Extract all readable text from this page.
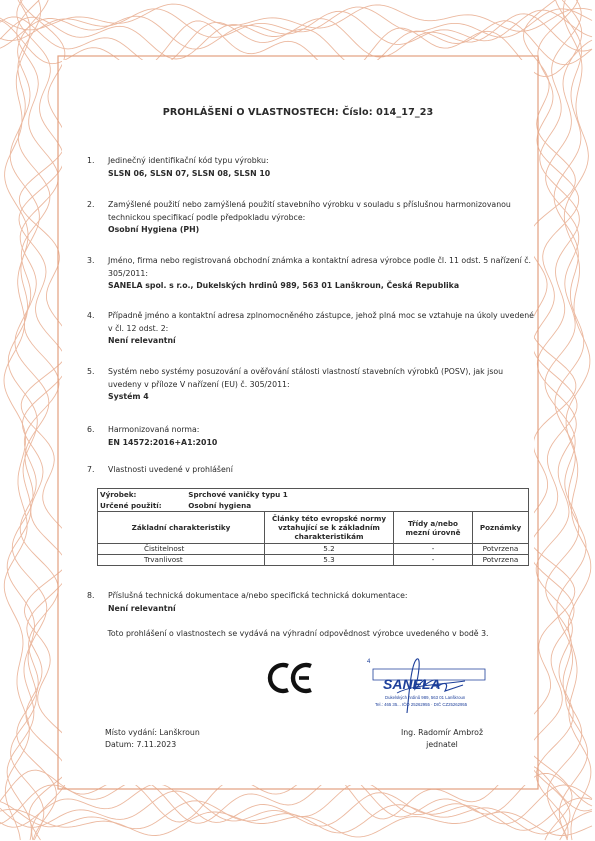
PROHLÁŠENÍ O VLASTNOSTECH: Číslo: 014_17_23
1.	Jedinečný identifikační kód typu výrobku:
SLSN 06, SLSN 07, SLSN 08, SLSN 10
2.	Zamýšlené použití nebo zamýšlená použití stavebního výrobku v souladu s příslušnou harmonizovanou technickou specifikací podle předpokladu výrobce:
Osobní Hygiena (PH)
3.	Jméno, firma nebo registrovaná obchodní známka a kontaktní adresa výrobce podle čl. 11 odst. 5 nařízení č. 305/2011:
SANELA spol. s r.o., Dukelských hrdinů 989, 563 01 Lanškroun, Česká Republika
4.	Případně jméno a kontaktní adresa zplnomocněného zástupce, jehož plná moc se vztahuje na úkoly uvedené v čl. 12 odst. 2:
Není relevantní
5.	Systém nebo systémy posuzování a ověřování stálosti vlastností stavebních výrobků (POSV), jak jsou uvedeny v příloze V nařízení (EU) č. 305/2011:
Systém 4
6.	Harmonizovaná norma:
EN 14572:2016+A1:2010
7.	Vlastnosti uvedené v prohlášení
Výrobek: Sprchové vaničky typu 1			
Určené použití: Osobní hygiena			
Základní charakteristiky	Články této evropské normy vztahující se k základním charakteristikám	Třídy a/nebo mezní úrovně	Poznámky
Čistitelnost	5.2	-	Potvrzena
Trvanlivost	5.3	-	Potvrzena
8.	Příslušná technická dokumentace a/nebo specifická technická dokumentace:
Není relevantní
Toto prohlášení o vlastnostech se vydává na výhradní odpovědnost výrobce uvedeného v bodě 3.
4
SANELA
Dukelských hrdinů 989, 563 01 Lanškroun
Tel.: 465 35... IČO 25262955 · DIČ CZ25262955
Místo vydání: Lanškroun
Datum: 7.11.2023
Ing. Radomír Ambrož
jednatel
